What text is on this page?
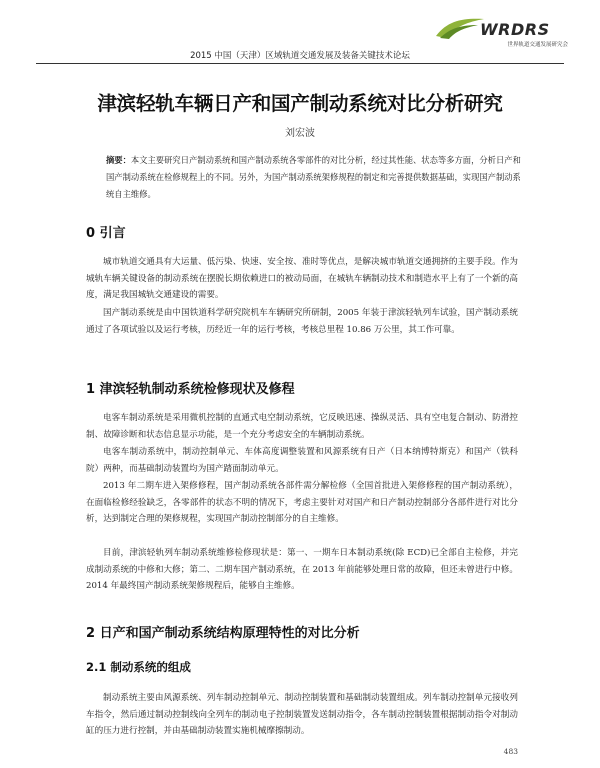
WRDRS
世界轨道交通发展研究会
2015 中国（天津）区域轨道交通发展及装备关键技术论坛
津滨轻轨车辆日产和国产制动系统对比分析研究
刘宏波
摘要：本文主要研究日产制动系统和国产制动系统各零部件的对比分析，经过其性能、状态等多方面，分析日产和国产制动系统在检修规程上的不同。另外，为国产制动系统架修规程的制定和完善提供数据基础，实现国产制动系统自主维修。
0 引言
城市轨道交通具有大运量、低污染、快速、安全按、准时等优点，是解决城市轨道交通拥挤的主要手段。作为城轨车辆关键设备的制动系统在摆脱长期依赖进口的被动局面，在城轨车辆制动技术和制造水平上有了一个新的高度，满足我国城轨交通建设的需要。
国产制动系统是由中国铁道科学研究院机车车辆研究所研制，2005 年装于津滨轻轨列车试验，国产制动系统通过了各项试验以及运行考核，历经近一年的运行考核，考核总里程 10.86 万公里，其工作可靠。
1 津滨轻轨制动系统检修现状及修程
电客车制动系统是采用微机控制的直通式电空制动系统，它反映迅速、操纵灵活、具有空电复合制动、防滑控制、故障诊断和状态信息显示功能，是一个充分考虑安全的车辆制动系统。
电客车制动系统中，制动控制单元、车体高度调整装置和风源系统有日产（日本纳博特斯克）和国产（铁科院）两种，而基础制动装置均为国产踏面制动单元。
2013 年二期车进入架修修程，国产制动系统各部件需分解检修（全国首批进入架修修程的国产制动系统），在面临检修经验缺乏，各零部件的状态不明的情况下，考虑主要针对对国产和日产制动控制部分各部件进行对比分析，达到制定合理的架修规程，实现国产制动控制部分的自主维修。
目前，津滨轻轨列车制动系统维修检修现状是：第一、一期车日本制动系统(除 ECD)已全部自主检修，并完成制动系统的中修和大修；第二、二期车国产制动系统，在 2013 年前能够处理日常的故障，但还未曾进行中修。2014 年最终国产制动系统架修规程后，能够自主维修。
2 日产和国产制动系统结构原理特性的对比分析
2.1 制动系统的组成
制动系统主要由风源系统、列车制动控制单元、制动控制装置和基础制动装置组成。列车制动控制单元接收列车指令，然后通过制动控制线向全列车的制动电子控制装置发送制动指令，各车制动控制装置根据制动指令对制动缸的压力进行控制，并由基础制动装置实施机械摩擦制动。
483
